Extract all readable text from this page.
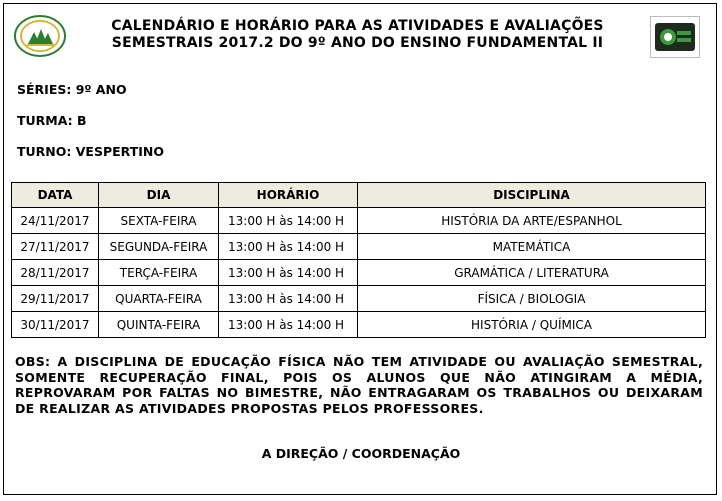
CALENDÁRIO E HORÁRIO PARA AS ATIVIDADES E AVALIAÇÕES
SEMESTRAIS 2017.2 DO 9º ANO DO ENSINO FUNDAMENTAL II
SÉRIES: 9º ANO
TURMA: B
TURNO: VESPERTINO
DATA	DIA	HORÁRIO	DISCIPLINA
24/11/2017	SEXTA-FEIRA	13:00 H às 14:00 H	HISTÓRIA DA ARTE/ESPANHOL
27/11/2017	SEGUNDA-FEIRA	13:00 H às 14:00 H	MATEMÁTICA
28/11/2017	TERÇA-FEIRA	13:00 H às 14:00 H	GRAMÁTICA / LITERATURA
29/11/2017	QUARTA-FEIRA	13:00 H às 14:00 H	FÍSICA / BIOLOGIA
30/11/2017	QUINTA-FEIRA	13:00 H às 14:00 H	HISTÓRIA / QUÍMICA
OBS: A DISCIPLINA DE EDUCAÇÃO FÍSICA NÃO TEM ATIVIDADE OU AVALIAÇÃO SEMESTRAL, SOMENTE RECUPERAÇÃO FINAL, POIS OS ALUNOS QUE NÃO ATINGIRAM A MÉDIA, REPROVARAM POR FALTAS NO BIMESTRE, NÃO ENTRAGARAM OS TRABALHOS OU DEIXARAM DE REALIZAR AS ATIVIDADES PROPOSTAS PELOS PROFESSORES.
A DIREÇÃO / COORDENAÇÃO
